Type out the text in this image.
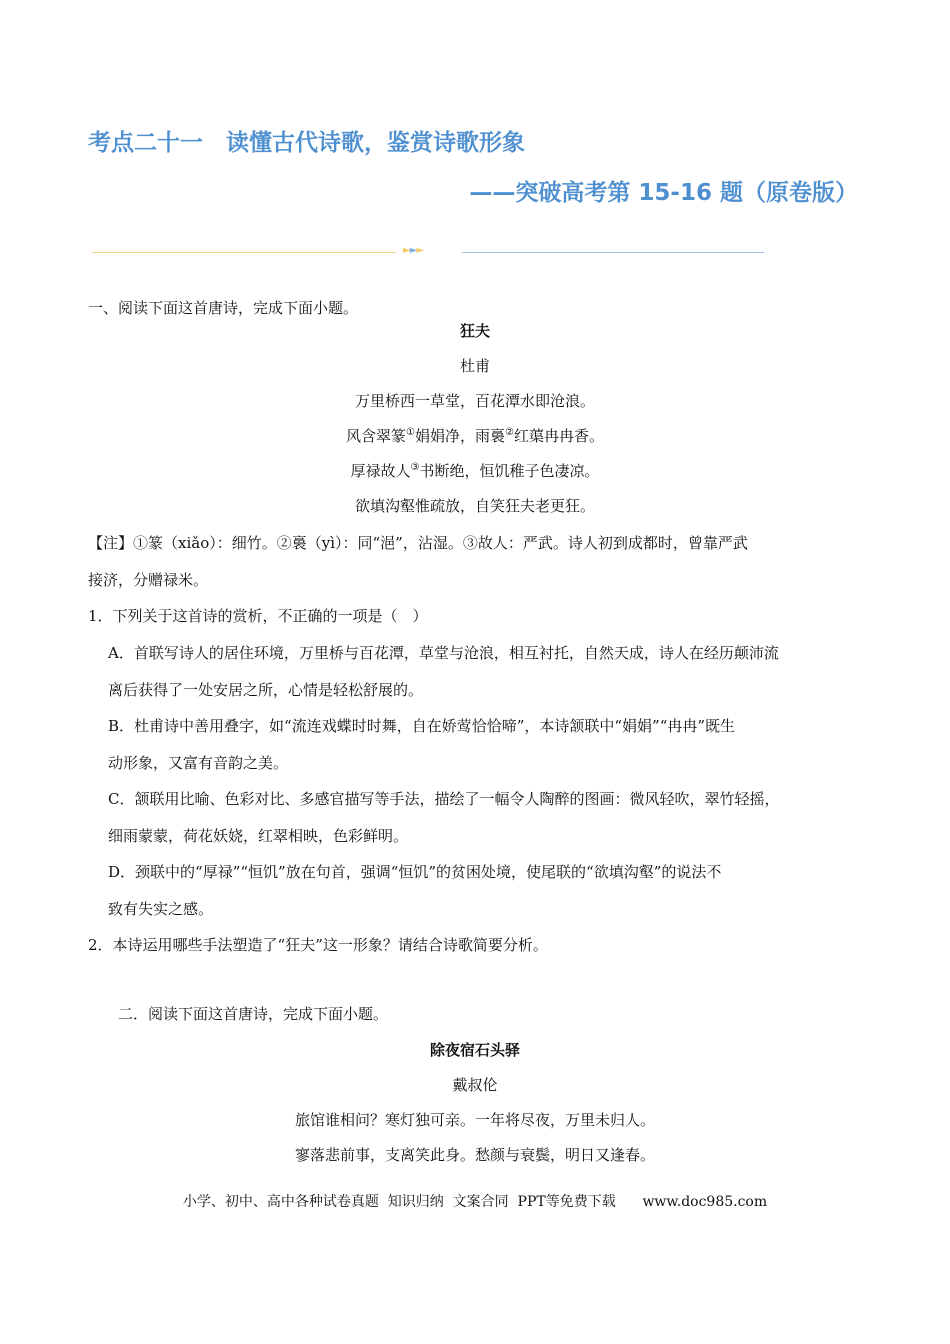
考点二十一　读懂古代诗歌，鉴赏诗歌形象
——突破高考第 15-16 题（原卷版）
►►►
一、阅读下面这首唐诗，完成下面小题。
狂夫
杜甫
万里桥西一草堂，百花潭水即沧浪。
风含翠篆①娟娟净，雨裛②红蕖冉冉香。
厚禄故人③书断绝，恒饥稚子色凄凉。
欲填沟壑惟疏放，自笑狂夫老更狂。
【注】①篆（xiǎo）：细竹。②裛（yì）：同“浥”，沾湿。③故人：严武。诗人初到成都时，曾靠严武
接济，分赠禄米。
1．下列关于这首诗的赏析，不正确的一项是（　）
A．首联写诗人的居住环境，万里桥与百花潭，草堂与沧浪，相互衬托，自然天成，诗人在经历颠沛流
离后获得了一处安居之所，心情是轻松舒展的。
B．杜甫诗中善用叠字，如“流连戏蝶时时舞，自在娇莺恰恰啼”，本诗颔联中“娟娟”“冉冉”既生
动形象，又富有音韵之美。
C．颔联用比喻、色彩对比、多感官描写等手法，描绘了一幅令人陶醉的图画：微风轻吹，翠竹轻摇，
细雨蒙蒙，荷花妖娆，红翠相映，色彩鲜明。
D．颈联中的“厚禄”“恒饥”放在句首，强调“恒饥”的贫困处境，使尾联的“欲填沟壑”的说法不
致有失实之感。
2．本诗运用哪些手法塑造了“狂夫”这一形象？请结合诗歌简要分析。
二．阅读下面这首唐诗，完成下面小题。
除夜宿石头驿
戴叔伦
旅馆谁相问？寒灯独可亲。一年将尽夜，万里未归人。
寥落悲前事，支离笑此身。愁颜与衰鬓，明日又逢春。
小学、初中、高中各种试卷真题  知识归纳  文案合同  PPT等免费下载 www.doc985.com
